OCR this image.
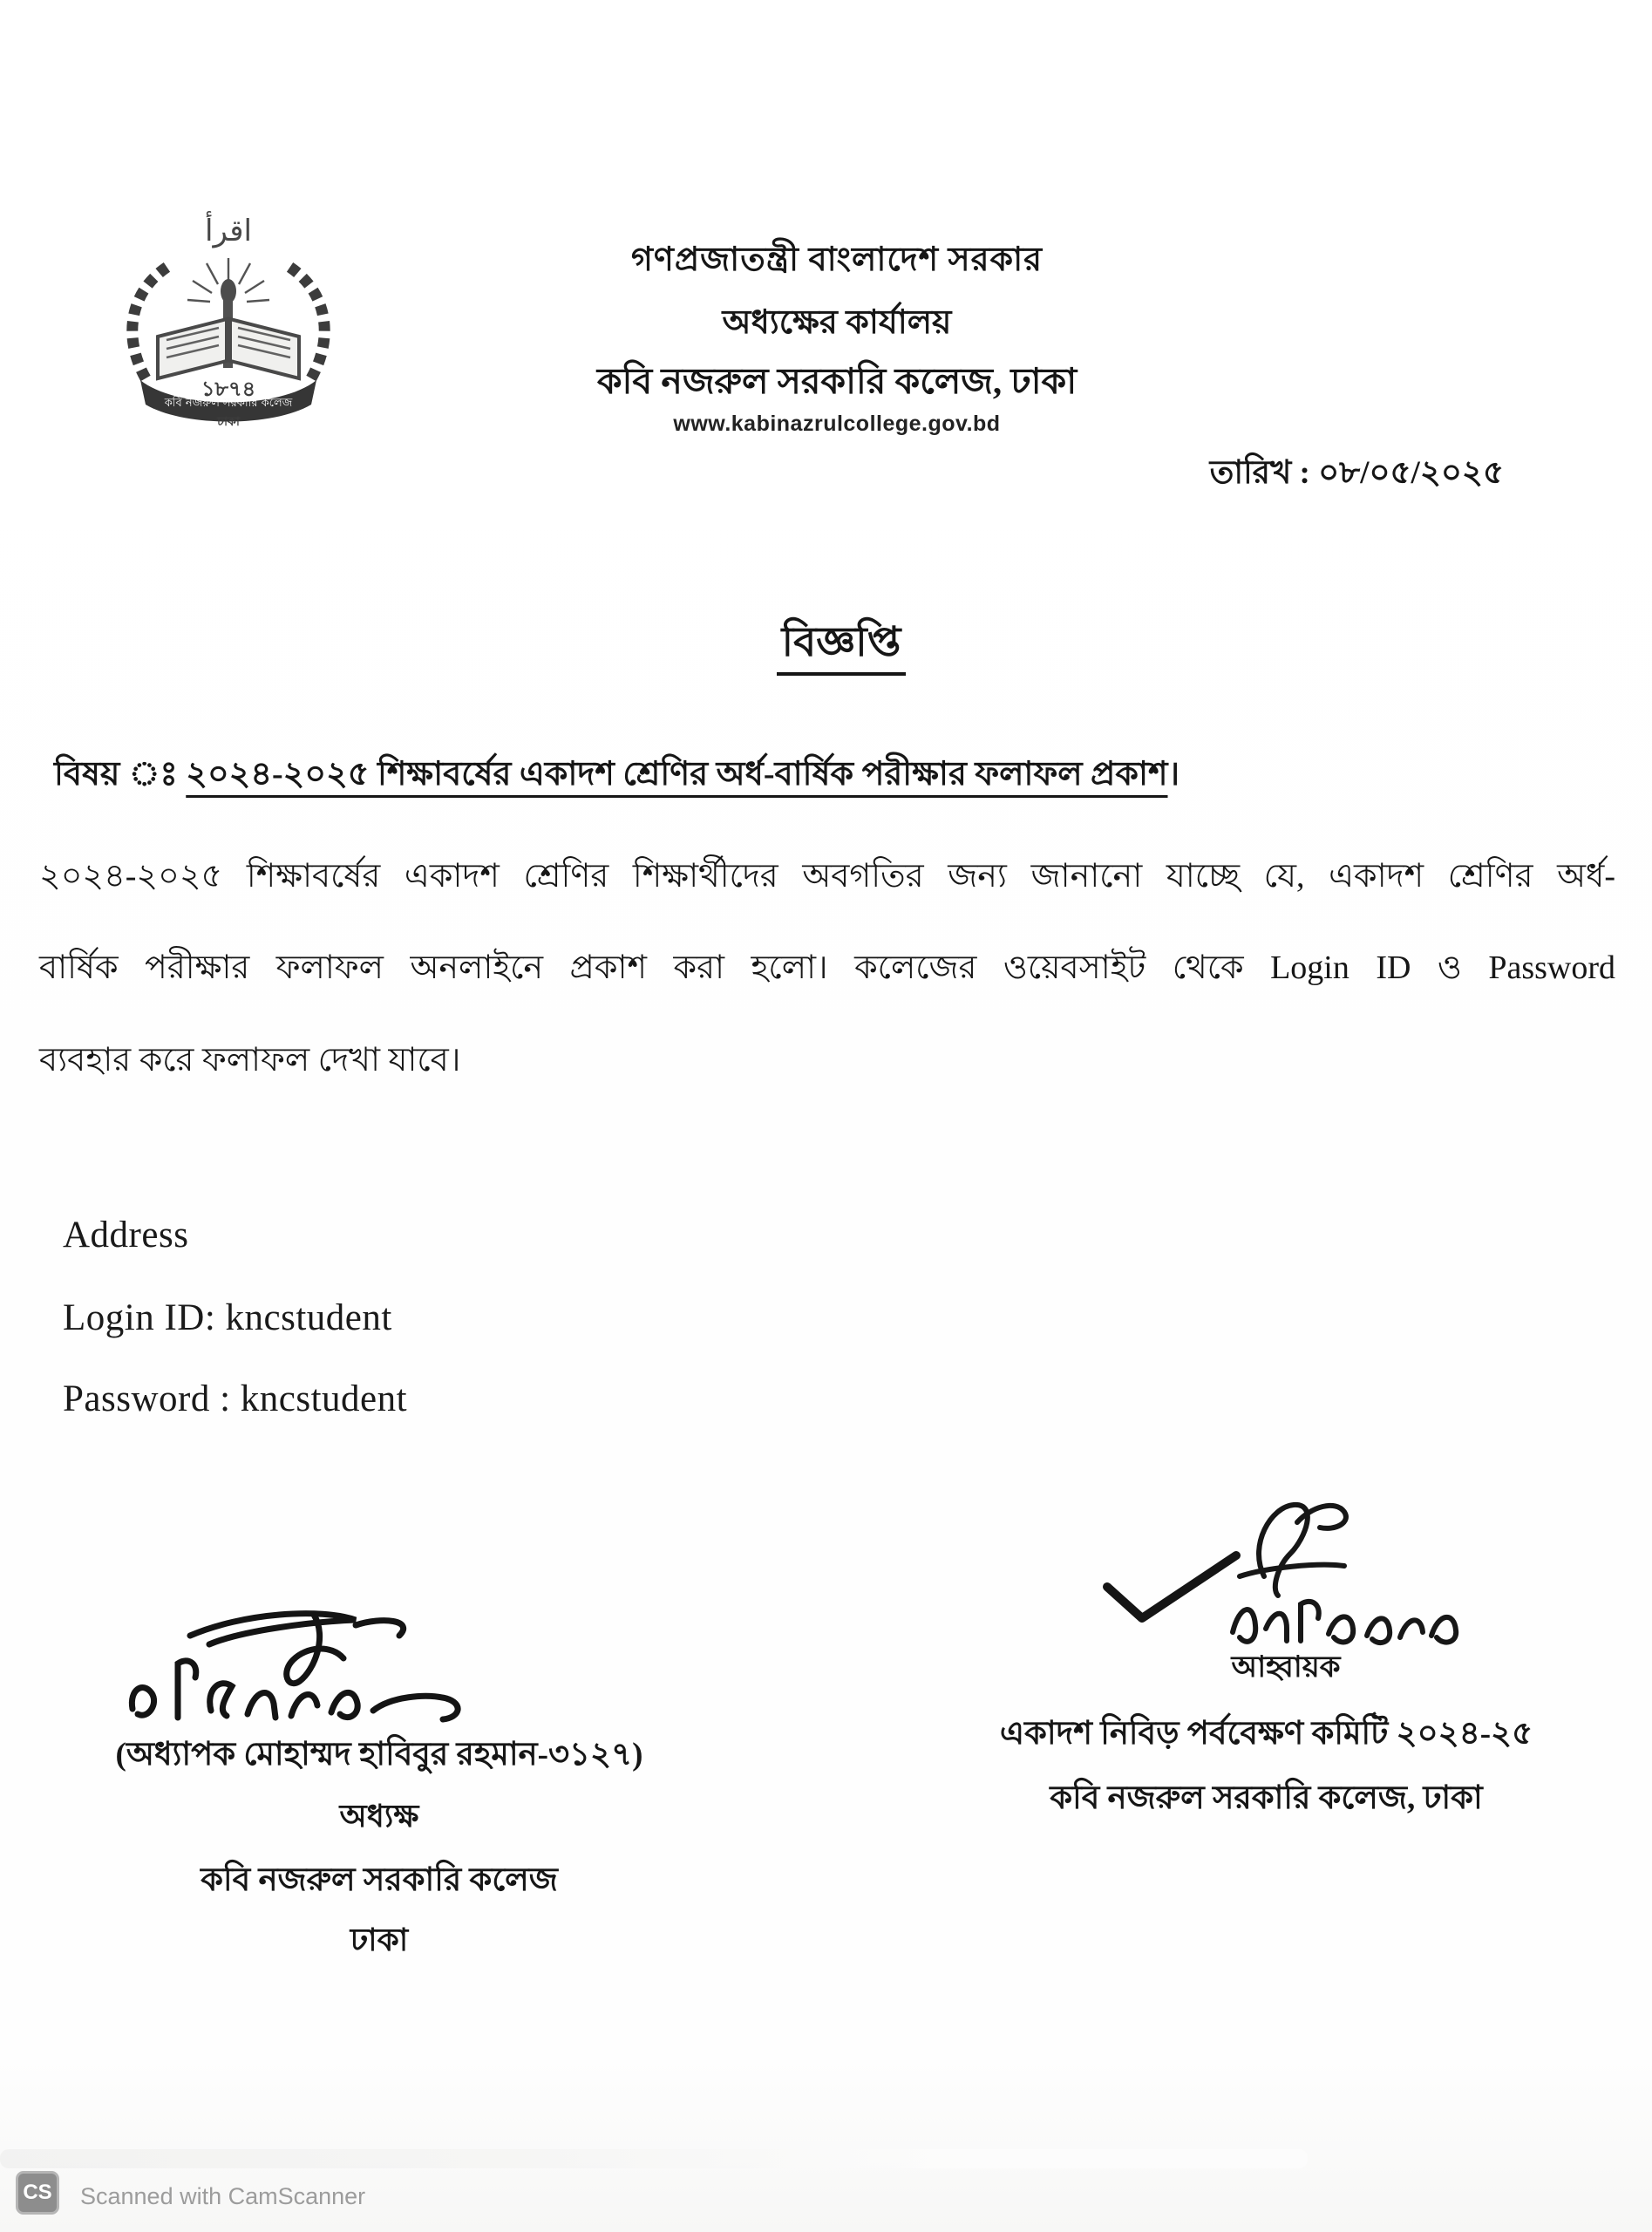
اقرأ
১৮৭৪
কবি নজরুল সরকারি কলেজ
ঢাকা
গণপ্রজাতন্ত্রী বাংলাদেশ সরকার
অধ্যক্ষের কার্যালয়
কবি নজরুল সরকারি কলেজ, ঢাকা
www.kabinazrulcollege.gov.bd
তারিখ : ০৮/০৫/২০২৫
বিজ্ঞপ্তি
বিষয় ঃ ২০২৪-২০২৫ শিক্ষাবর্ষের একাদশ শ্রেণির অর্ধ-বার্ষিক পরীক্ষার ফলাফল প্রকাশ।
২০২৪-২০২৫ শিক্ষাবর্ষের একাদশ শ্রেণির শিক্ষার্থীদের অবগতির জন্য জানানো যাচ্ছে যে, একাদশ শ্রেণির অর্ধ-
বার্ষিক পরীক্ষার ফলাফল অনলাইনে প্রকাশ করা হলো। কলেজের ওয়েবসাইট থেকে Login ID ও Password
ব্যবহার করে ফলাফল দেখা যাবে।
Address
Login ID: kncstudent
Password : kncstudent
আহ্বায়ক
একাদশ নিবিড় পর্ববেক্ষণ কমিটি ২০২৪-২৫
কবি নজরুল সরকারি কলেজ, ঢাকা
(অধ্যাপক মোহাম্মদ হাবিবুর রহমান-৩১২৭)
অধ্যক্ষ
কবি নজরুল সরকারি কলেজ
ঢাকা
CS Scanned with CamScanner
